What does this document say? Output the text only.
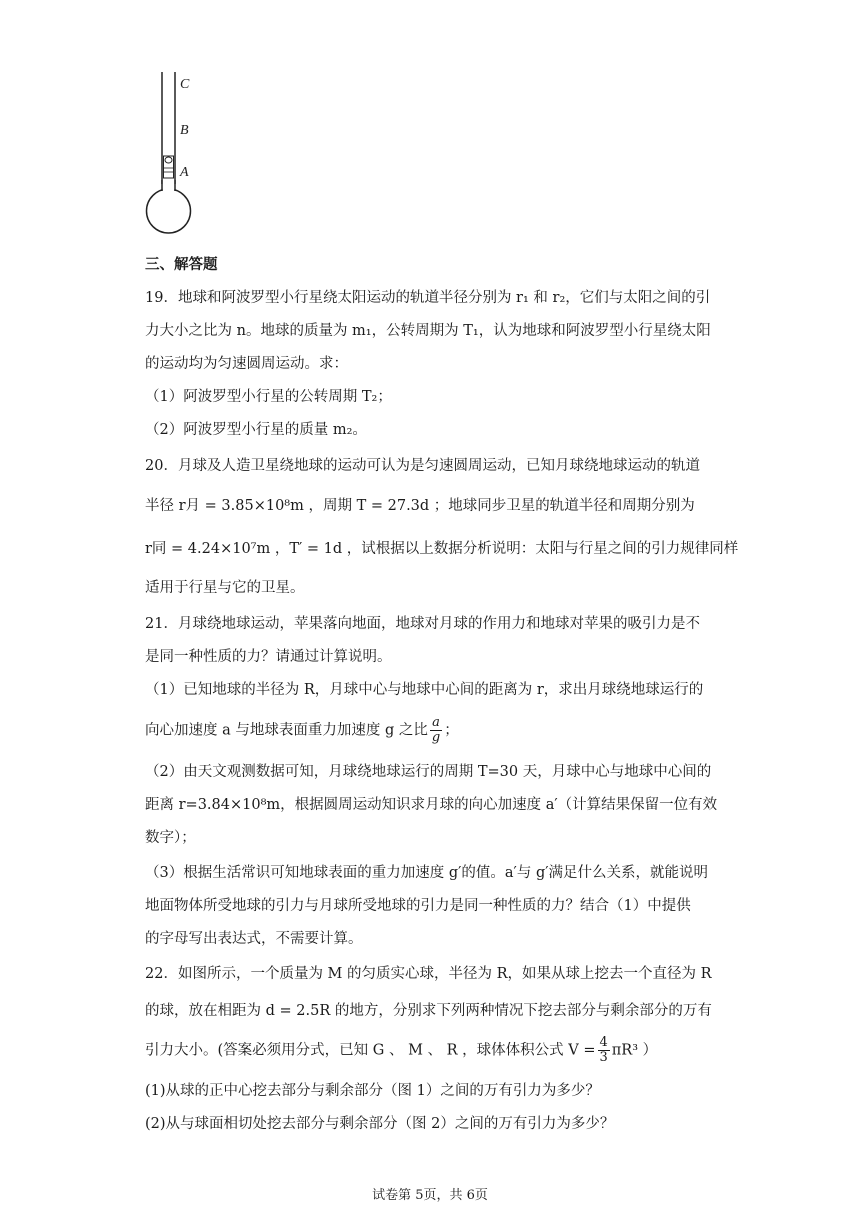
C
B
A
三、解答题
19．地球和阿波罗型小行星绕太阳运动的轨道半径分别为 r₁ 和 r₂，它们与太阳之间的引
力大小之比为 n。地球的质量为 m₁，公转周期为 T₁，认为地球和阿波罗型小行星绕太阳
的运动均为匀速圆周运动。求：
（1）阿波罗型小行星的公转周期 T₂；
（2）阿波罗型小行星的质量 m₂。
20．月球及人造卫星绕地球的运动可认为是匀速圆周运动，已知月球绕地球运动的轨道
半径 r月 = 3.85×10⁸m ，周期 T = 27.3d ；地球同步卫星的轨道半径和周期分别为
r同 = 4.24×10⁷m ，T′ = 1d ，试根据以上数据分析说明：太阳与行星之间的引力规律同样
适用于行星与它的卫星。
21．月球绕地球运动，苹果落向地面，地球对月球的作用力和地球对苹果的吸引力是不
是同一种性质的力？请通过计算说明。
（1）已知地球的半径为 R，月球中心与地球中心间的距离为 r，求出月球绕地球运行的
向心加速度 a 与地球表面重力加速度 g 之比 $\frac{a}{g}$ ；
（2）由天文观测数据可知，月球绕地球运行的周期 T=30 天，月球中心与地球中心间的
距离 r=3.84×10⁸m，根据圆周运动知识求月球的向心加速度 a′（计算结果保留一位有效
数字）；
（3）根据生活常识可知地球表面的重力加速度 g′的值。a′与 g′满足什么关系，就能说明
地面物体所受地球的引力与月球所受地球的引力是同一种性质的力？结合（1）中提供
的字母写出表达式，不需要计算。
22．如图所示，一个质量为 M 的匀质实心球，半径为 R，如果从球上挖去一个直径为 R
的球，放在相距为 d = 2.5R 的地方，分别求下列两种情况下挖去部分与剩余部分的万有
引力大小。(答案必须用分式，已知 G 、 M 、 R ，球体体积公式 $V = \frac{4}{3} \pi R^3$ ）
(1)从球的正中心挖去部分与剩余部分（图 1）之间的万有引力为多少？
(2)从与球面相切处挖去部分与剩余部分（图 2）之间的万有引力为多少？
试卷第 5页，共 6页
